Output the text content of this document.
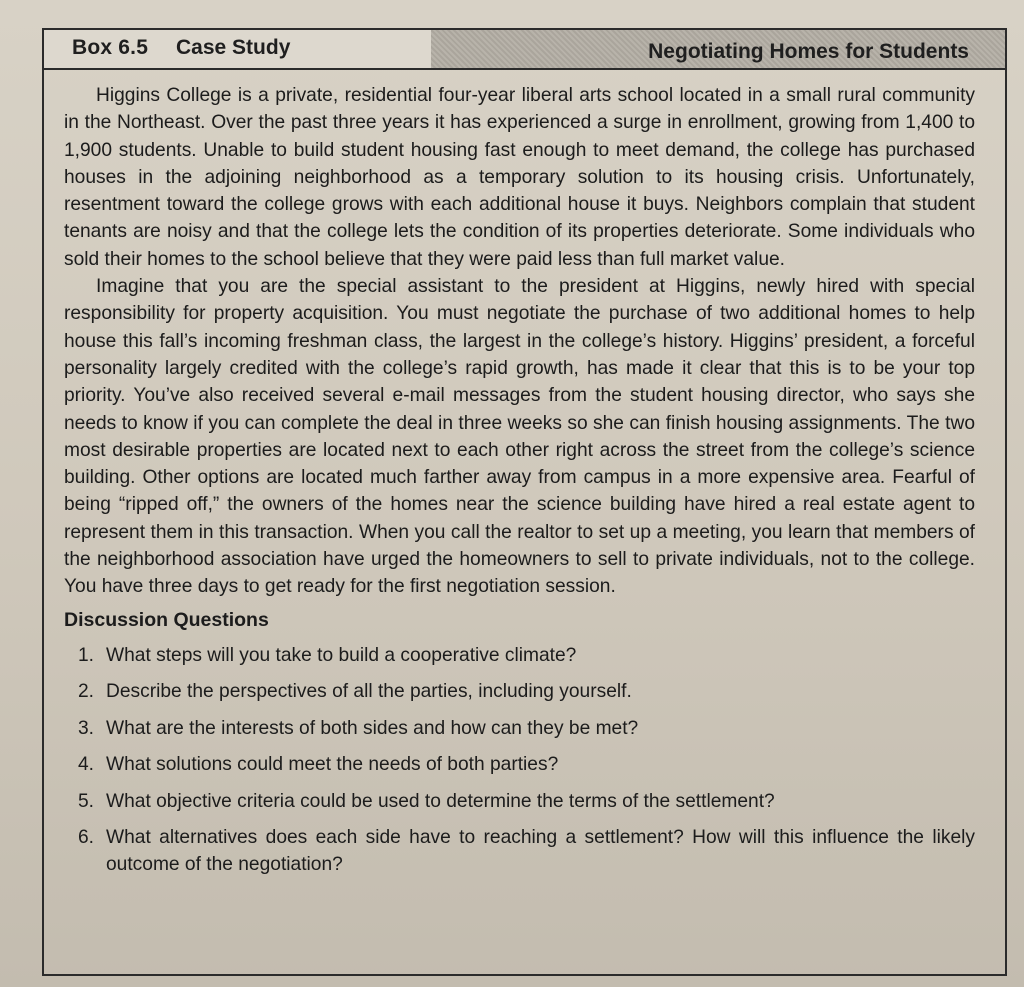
Box 6.5 Case Study	Negotiating Homes for Students

Higgins College is a private, residential four-year liberal arts school located in a small rural community in the Northeast. Over the past three years it has experienced a surge in enrollment, growing from 1,400 to 1,900 students. Unable to build student housing fast enough to meet demand, the college has purchased houses in the adjoining neighborhood as a temporary solution to its housing crisis. Unfortunately, resentment toward the college grows with each additional house it buys. Neighbors complain that student tenants are noisy and that the college lets the condition of its properties deteriorate. Some individuals who sold their homes to the school believe that they were paid less than full market value.

Imagine that you are the special assistant to the president at Higgins, newly hired with special responsibility for property acquisition. You must negotiate the purchase of two additional homes to help house this fall’s incoming freshman class, the largest in the college’s history. Higgins’ president, a forceful personality largely credited with the college’s rapid growth, has made it clear that this is to be your top priority. You’ve also received several e-mail messages from the student housing director, who says she needs to know if you can complete the deal in three weeks so she can finish housing assignments. The two most desirable properties are located next to each other right across the street from the college’s science building. Other options are located much farther away from campus in a more expensive area. Fearful of being “ripped off,” the owners of the homes near the science building have hired a real estate agent to represent them in this transaction. When you call the realtor to set up a meeting, you learn that members of the neighborhood association have urged the homeowners to sell to private individuals, not to the college. You have three days to get ready for the first negotiation session.

Discussion Questions
1. What steps will you take to build a cooperative climate?
2. Describe the perspectives of all the parties, including yourself.
3. What are the interests of both sides and how can they be met?
4. What solutions could meet the needs of both parties?
5. What objective criteria could be used to determine the terms of the settlement?
6. What alternatives does each side have to reaching a settlement? How will this influence the likely outcome of the negotiation?
